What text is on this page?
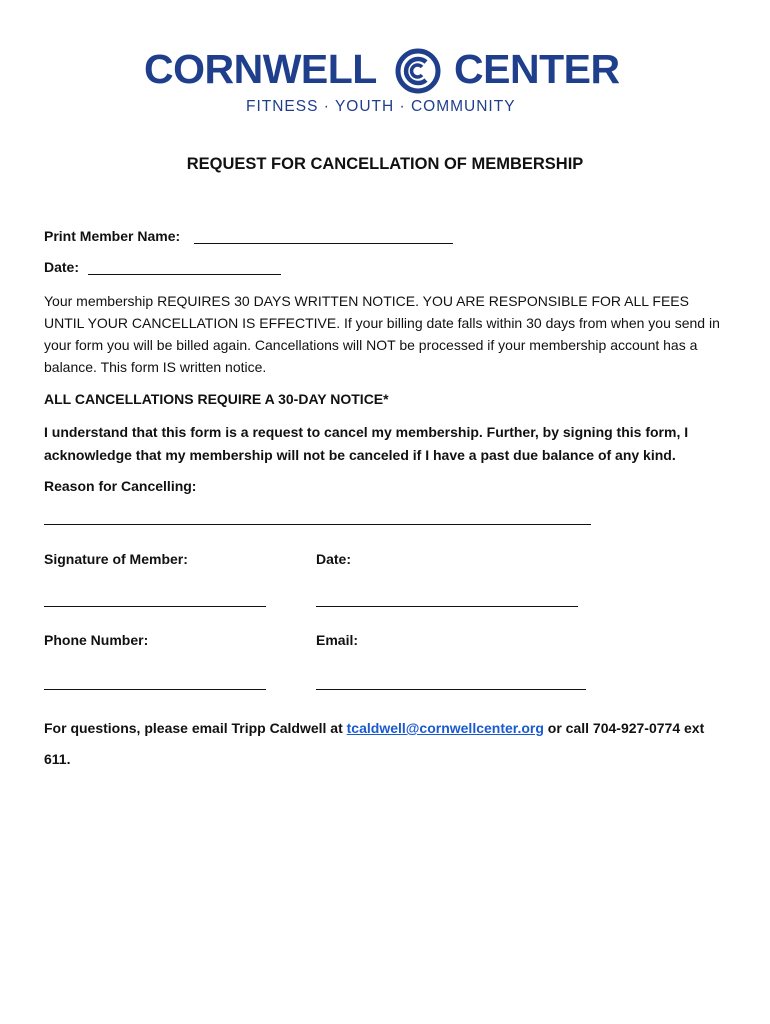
CORNWELL CENTER
FITNESS · YOUTH · COMMUNITY
REQUEST FOR CANCELLATION OF MEMBERSHIP
Print Member Name:
Date:
Your membership REQUIRES 30 DAYS WRITTEN NOTICE. YOU ARE RESPONSIBLE FOR ALL FEES UNTIL YOUR CANCELLATION IS EFFECTIVE. If your billing date falls within 30 days from when you send in your form you will be billed again. Cancellations will NOT be processed if your membership account has a balance. This form IS written notice.
ALL CANCELLATIONS REQUIRE A 30-DAY NOTICE*
I understand that this form is a request to cancel my membership. Further, by signing this form, I acknowledge that my membership will not be canceled if I have a past due balance of any kind.
Reason for Cancelling:
Signature of Member:	Date:
Phone Number:	Email:
For questions, please email Tripp Caldwell at tcaldwell@cornwellcenter.org or call 704-927-0774 ext 611.
